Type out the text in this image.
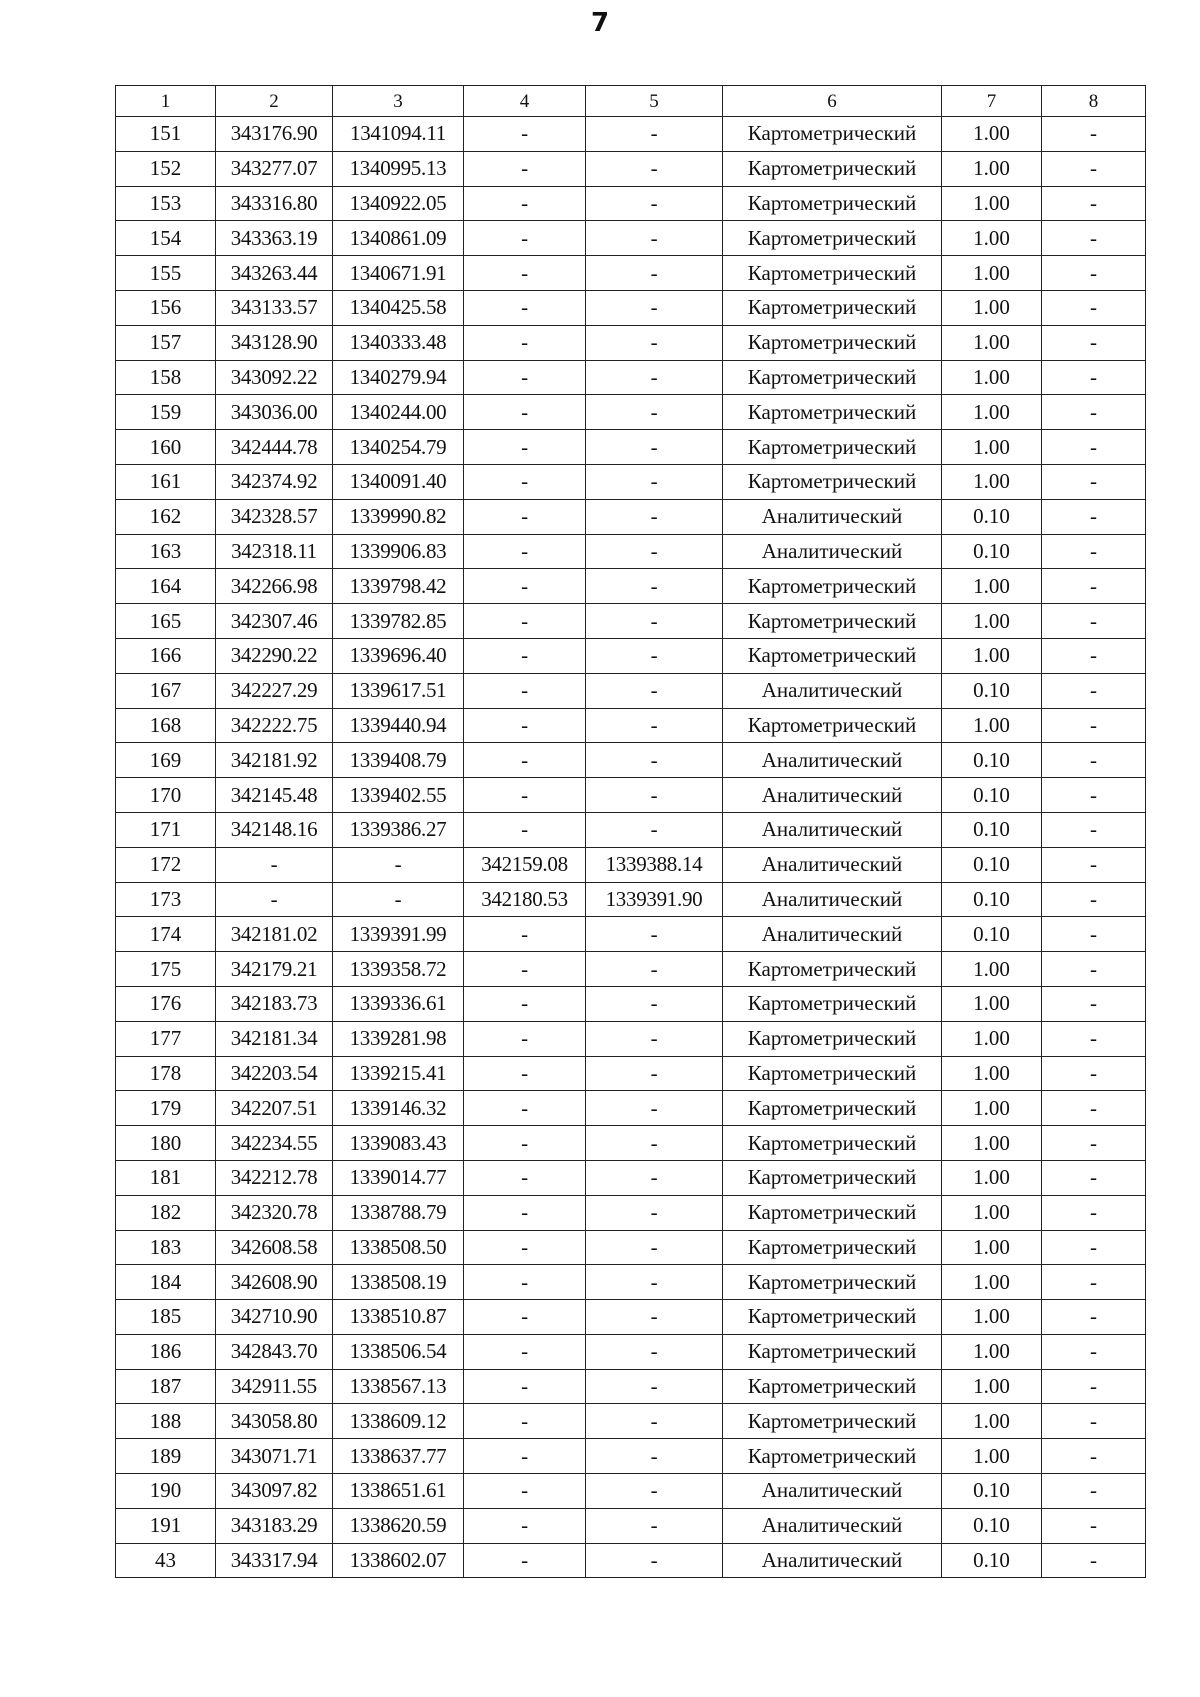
7
1	2	3	4	5	6	7	8
151	343176.90	1341094.11	-	-	Картометрический	1.00	-
152	343277.07	1340995.13	-	-	Картометрический	1.00	-
153	343316.80	1340922.05	-	-	Картометрический	1.00	-
154	343363.19	1340861.09	-	-	Картометрический	1.00	-
155	343263.44	1340671.91	-	-	Картометрический	1.00	-
156	343133.57	1340425.58	-	-	Картометрический	1.00	-
157	343128.90	1340333.48	-	-	Картометрический	1.00	-
158	343092.22	1340279.94	-	-	Картометрический	1.00	-
159	343036.00	1340244.00	-	-	Картометрический	1.00	-
160	342444.78	1340254.79	-	-	Картометрический	1.00	-
161	342374.92	1340091.40	-	-	Картометрический	1.00	-
162	342328.57	1339990.82	-	-	Аналитический	0.10	-
163	342318.11	1339906.83	-	-	Аналитический	0.10	-
164	342266.98	1339798.42	-	-	Картометрический	1.00	-
165	342307.46	1339782.85	-	-	Картометрический	1.00	-
166	342290.22	1339696.40	-	-	Картометрический	1.00	-
167	342227.29	1339617.51	-	-	Аналитический	0.10	-
168	342222.75	1339440.94	-	-	Картометрический	1.00	-
169	342181.92	1339408.79	-	-	Аналитический	0.10	-
170	342145.48	1339402.55	-	-	Аналитический	0.10	-
171	342148.16	1339386.27	-	-	Аналитический	0.10	-
172	-	-	342159.08	1339388.14	Аналитический	0.10	-
173	-	-	342180.53	1339391.90	Аналитический	0.10	-
174	342181.02	1339391.99	-	-	Аналитический	0.10	-
175	342179.21	1339358.72	-	-	Картометрический	1.00	-
176	342183.73	1339336.61	-	-	Картометрический	1.00	-
177	342181.34	1339281.98	-	-	Картометрический	1.00	-
178	342203.54	1339215.41	-	-	Картометрический	1.00	-
179	342207.51	1339146.32	-	-	Картометрический	1.00	-
180	342234.55	1339083.43	-	-	Картометрический	1.00	-
181	342212.78	1339014.77	-	-	Картометрический	1.00	-
182	342320.78	1338788.79	-	-	Картометрический	1.00	-
183	342608.58	1338508.50	-	-	Картометрический	1.00	-
184	342608.90	1338508.19	-	-	Картометрический	1.00	-
185	342710.90	1338510.87	-	-	Картометрический	1.00	-
186	342843.70	1338506.54	-	-	Картометрический	1.00	-
187	342911.55	1338567.13	-	-	Картометрический	1.00	-
188	343058.80	1338609.12	-	-	Картометрический	1.00	-
189	343071.71	1338637.77	-	-	Картометрический	1.00	-
190	343097.82	1338651.61	-	-	Аналитический	0.10	-
191	343183.29	1338620.59	-	-	Аналитический	0.10	-
43	343317.94	1338602.07	-	-	Аналитический	0.10	-
